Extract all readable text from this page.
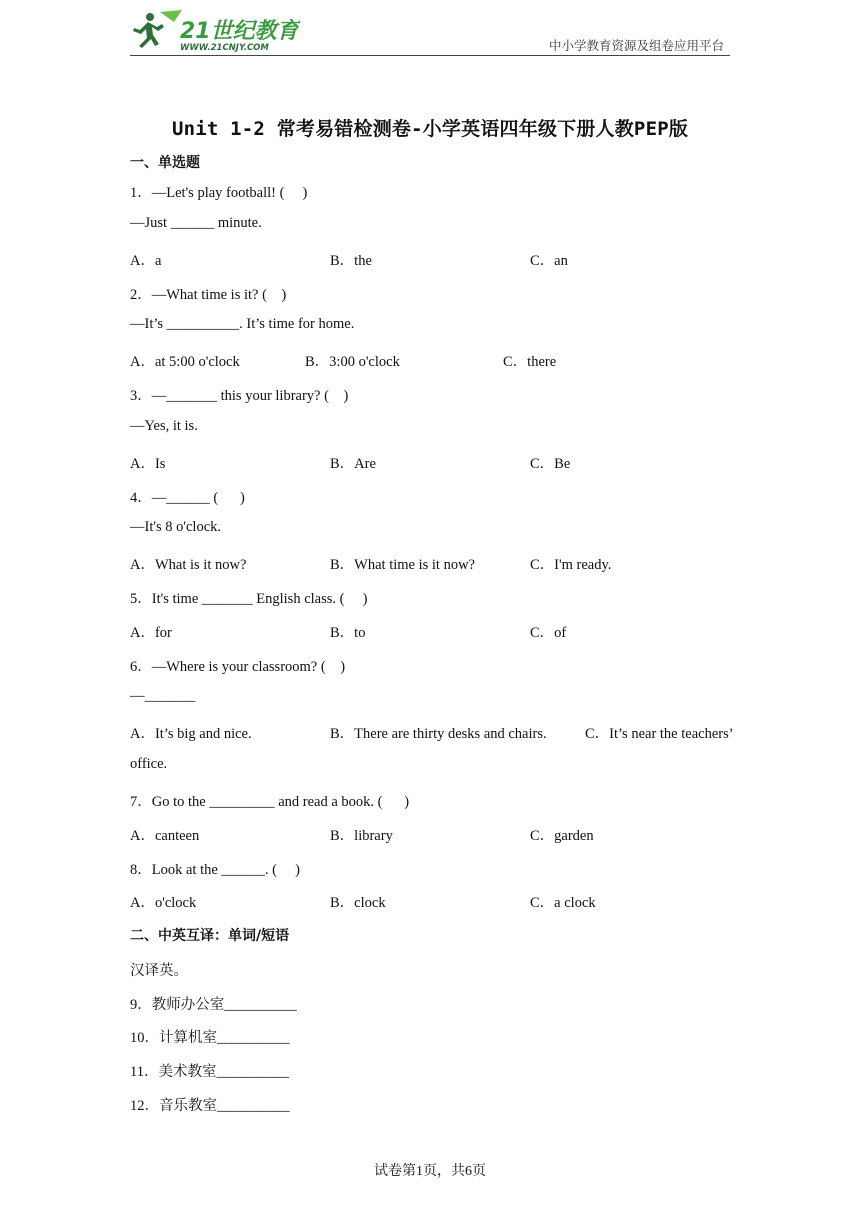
21世纪教育
WWW.21CNJY.COM	中小学教育资源及组卷应用平台
Unit 1-2 常考易错检测卷-小学英语四年级下册人教PEP版
一、单选题
1．—Let's play football! (     )
—Just ______ minute.
A．a	B．the	C．an
2．—What time is it? (    )
—It’s __________. It’s time for home.
A．at 5:00 o'clock	B．3:00 o'clock	C．there
3．—_______ this your library? (    )
—Yes, it is.
A．Is	B．Are	C．Be
4．—______ (      )
—It's 8 o'clock.
A．What is it now?	B．What time is it now?	C．I'm ready.
5．It's time _______ English class. (     )
A．for	B．to	C．of
6．—Where is your classroom? (    )
—_______
A．It’s big and nice.	B．There are thirty desks and chairs.	C．It’s near the teachers’
office.
7．Go to the _________ and read a book. (      )
A．canteen	B．library	C．garden
8．Look at the ______. (     )
A．o'clock	B．clock	C．a clock
二、中英互译：单词/短语
汉译英。
9．教师办公室__________
10．计算机室__________
11．美术教室__________
12．音乐教室__________
试卷第1页，共6页
